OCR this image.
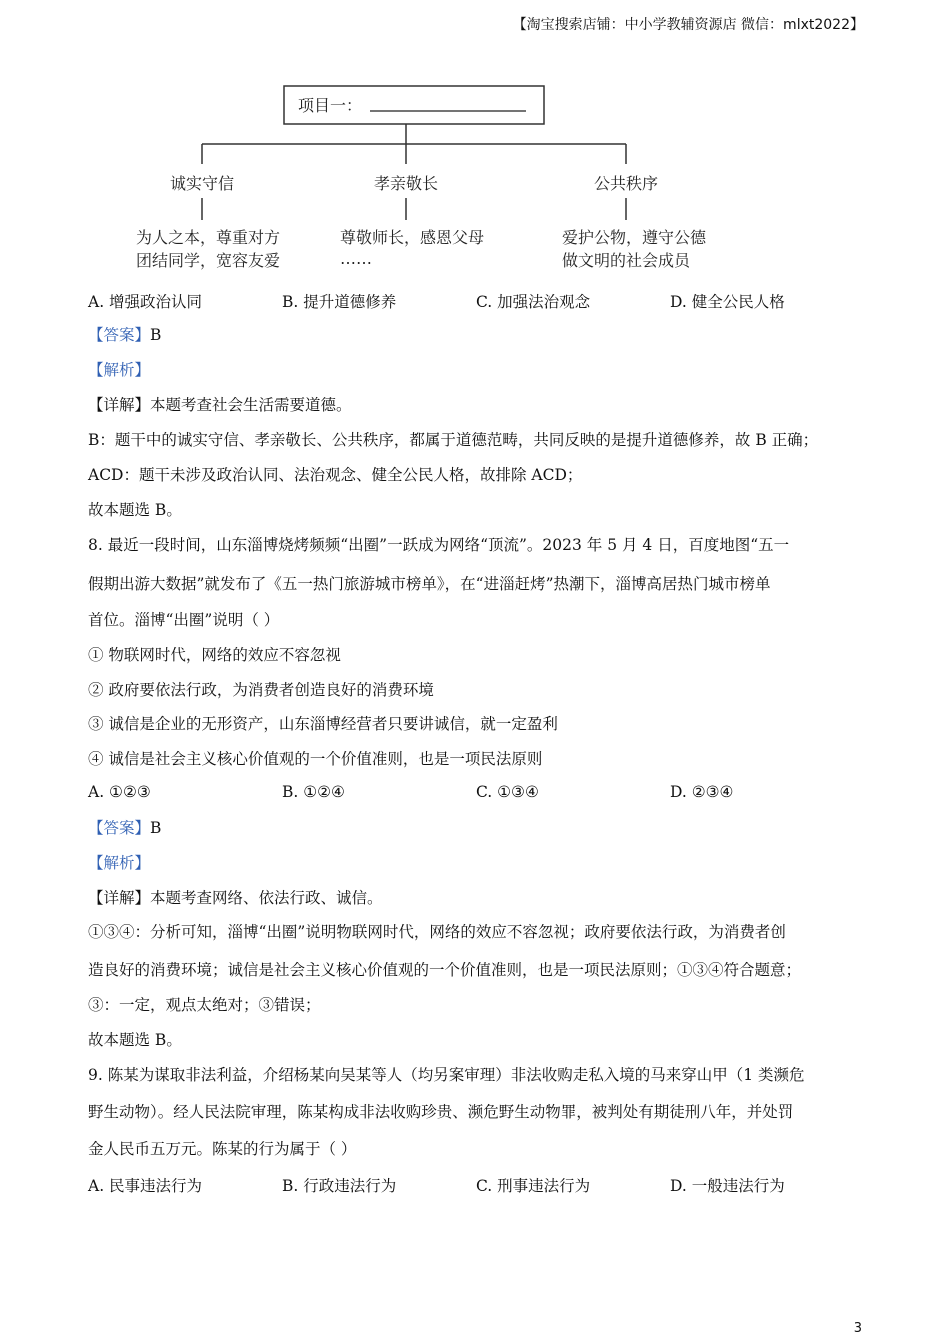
【淘宝搜索店铺：中小学教辅资源店 微信：mlxt2022】
项目一：
诚实守信
为人之本，尊重对方
团结同学，宽容友爱
孝亲敬长
尊敬师长，感恩父母
……
公共秩序
爱护公物，遵守公德
做文明的社会成员
A. 增强政治认同	B. 提升道德修养	C. 加强法治观念	D. 健全公民人格
【答案】B
【解析】
【详解】本题考查社会生活需要道德。
B：题干中的诚实守信、孝亲敬长、公共秩序，都属于道德范畴，共同反映的是提升道德修养，故 B 正确；
ACD：题干未涉及政治认同、法治观念、健全公民人格，故排除 ACD；
故本题选 B。
8. 最近一段时间，山东淄博烧烤频频“出圈”一跃成为网络“顶流”。2023 年 5 月 4 日，百度地图“五一
假期出游大数据”就发布了《五一热门旅游城市榜单》，在“进淄赶烤”热潮下，淄博高居热门城市榜单
首位。淄博“出圈”说明（ ）
① 物联网时代，网络的效应不容忽视
② 政府要依法行政，为消费者创造良好的消费环境
③ 诚信是企业的无形资产，山东淄博经营者只要讲诚信，就一定盈利
④ 诚信是社会主义核心价值观的一个价值准则，也是一项民法原则
A. ①②③	B. ①②④	C. ①③④	D. ②③④
【答案】B
【解析】
【详解】本题考查网络、依法行政、诚信。
①③④：分析可知，淄博“出圈”说明物联网时代，网络的效应不容忽视；政府要依法行政，为消费者创
造良好的消费环境；诚信是社会主义核心价值观的一个价值准则，也是一项民法原则；①③④符合题意；
③：一定，观点太绝对；③错误；
故本题选 B。
9. 陈某为谋取非法利益，介绍杨某向吴某等人（均另案审理）非法收购走私入境的马来穿山甲（1 类濒危
野生动物）。经人民法院审理，陈某构成非法收购珍贵、濒危野生动物罪，被判处有期徒刑八年，并处罚
金人民币五万元。陈某的行为属于（ ）
A. 民事违法行为	B. 行政违法行为	C. 刑事违法行为	D. 一般违法行为
3
